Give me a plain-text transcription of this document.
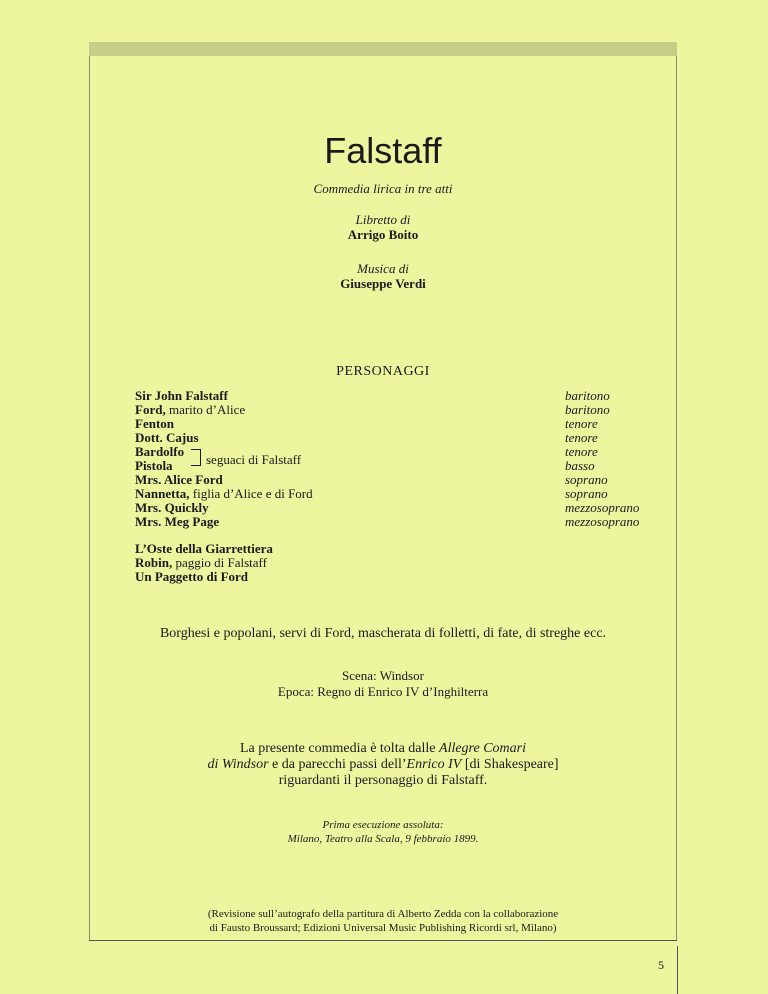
Falstaff
Commedia lirica in tre atti
Libretto di
Arrigo Boito
Musica di
Giuseppe Verdi
PERSONAGGI
Sir John Falstaff	baritono
Ford, marito d’Alice	baritono
Fenton	tenore
Dott. Cajus	tenore
Bardolfo	tenore
Pistola	basso
Mrs. Alice Ford	soprano
Nannetta, figlia d’Alice e di Ford	soprano
Mrs. Quickly	mezzosoprano
Mrs. Meg Page	mezzosoprano
seguaci di Falstaff
L’Oste della Giarrettiera
Robin, paggio di Falstaff
Un Paggetto di Ford
Borghesi e popolani, servi di Ford, mascherata di folletti, di fate, di streghe ecc.
Scena: Windsor
Epoca: Regno di Enrico IV d’Inghilterra
La presente commedia è tolta dalle Allegre Comari
di Windsor e da parecchi passi dell’Enrico IV [di Shakespeare]
riguardanti il personaggio di Falstaff.
Prima esecuzione assoluta:
Milano, Teatro alla Scala, 9 febbraio 1899.
(Revisione sull’autografo della partitura di Alberto Zedda con la collaborazione
di Fausto Broussard; Edizioni Universal Music Publishing Ricordi srl, Milano)
5
